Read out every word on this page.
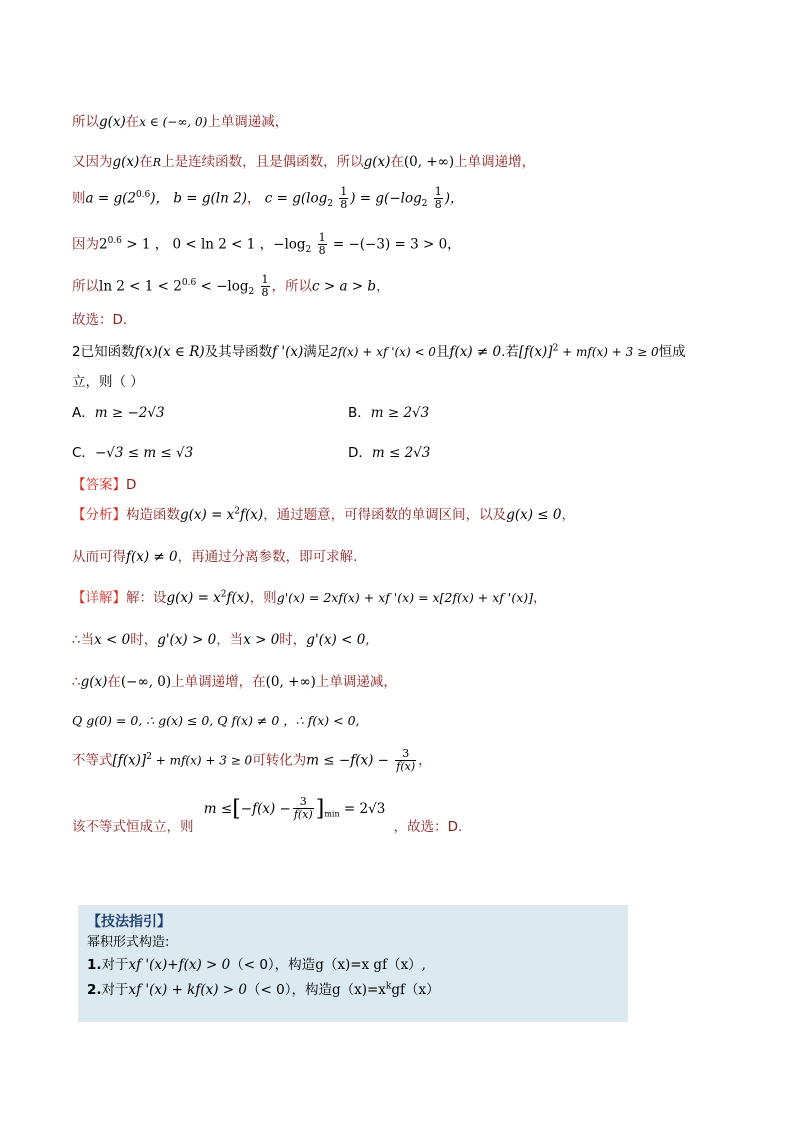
所以g(x)在x ∈ (−∞, 0)上单调递减，
又因为g(x)在R上是连续函数，且是偶函数，所以g(x)在(0, +∞)上单调递增，
则$a = g(2^{0.6})$， b = g(ln 2)， $c = g(\log_2 \frac{1}{8}$ ) = $g(-\log_2 \frac{1}{8}$ )，
因为$2^{0.6} > 1$ ， 0 < ln 2 < 1 ，$-\log_2 \frac{1}{8} = -(-3) = 3 > 0$，
所以$\ln 2 < 1 < 2^{0.6} < -\log_2 \frac{1}{8}$ ，所以c > a > b，
故选：D.
2已知函数f(x)(x ∈ R)及其导函数f '(x)满足2f(x) + xf '(x) < 0且f(x) ≠ 0.若$[f(x)]^2 + mf(x) + 3 \ge 0$恒成
立，则（ ）
A．m ≥ −2√3	B．m ≥ 2√3
C．−√3 ≤ m ≤ √3	D．m ≤ 2√3
【答案】D
【分析】构造函数$g(x) = x^2f(x)$，通过题意，可得函数的单调区间，以及g(x) ≤ 0，
从而可得f(x) ≠ 0，再通过分离参数，即可求解.
【详解】解：设$g(x) = x^2f(x)$，则g'(x) = 2xf(x) + xf '(x) = x[2f(x) + xf '(x)]，
∴当x < 0时，g'(x) > 0，当x > 0时，g'(x) < 0,
∴g(x)在(−∞, 0)上单调递增，在(0, +∞)上单调递减，
Q g(0) = 0, ∴ g(x) ≤ 0, Q f(x) ≠ 0 ，∴ f(x) < 0,
不等式$[f(x)]^2 + mf(x) + 3 \ge 0$可转化为$m \le -f(x) - \frac{3}{f(x)}$ ，
该不等式恒成立，则 $m \le[-f(x) - \frac{3}{f(x)} ]_{min} = 2√3$ ，故选：D.
【技法指引】
幂积形式构造:
1.对于xf '(x)+f(x) > 0（< 0），构造g（x)=x gf（x）,
2.对于xf '(x) + kf(x) > 0（< 0），构造$g(x)=x^kgf(x)$
